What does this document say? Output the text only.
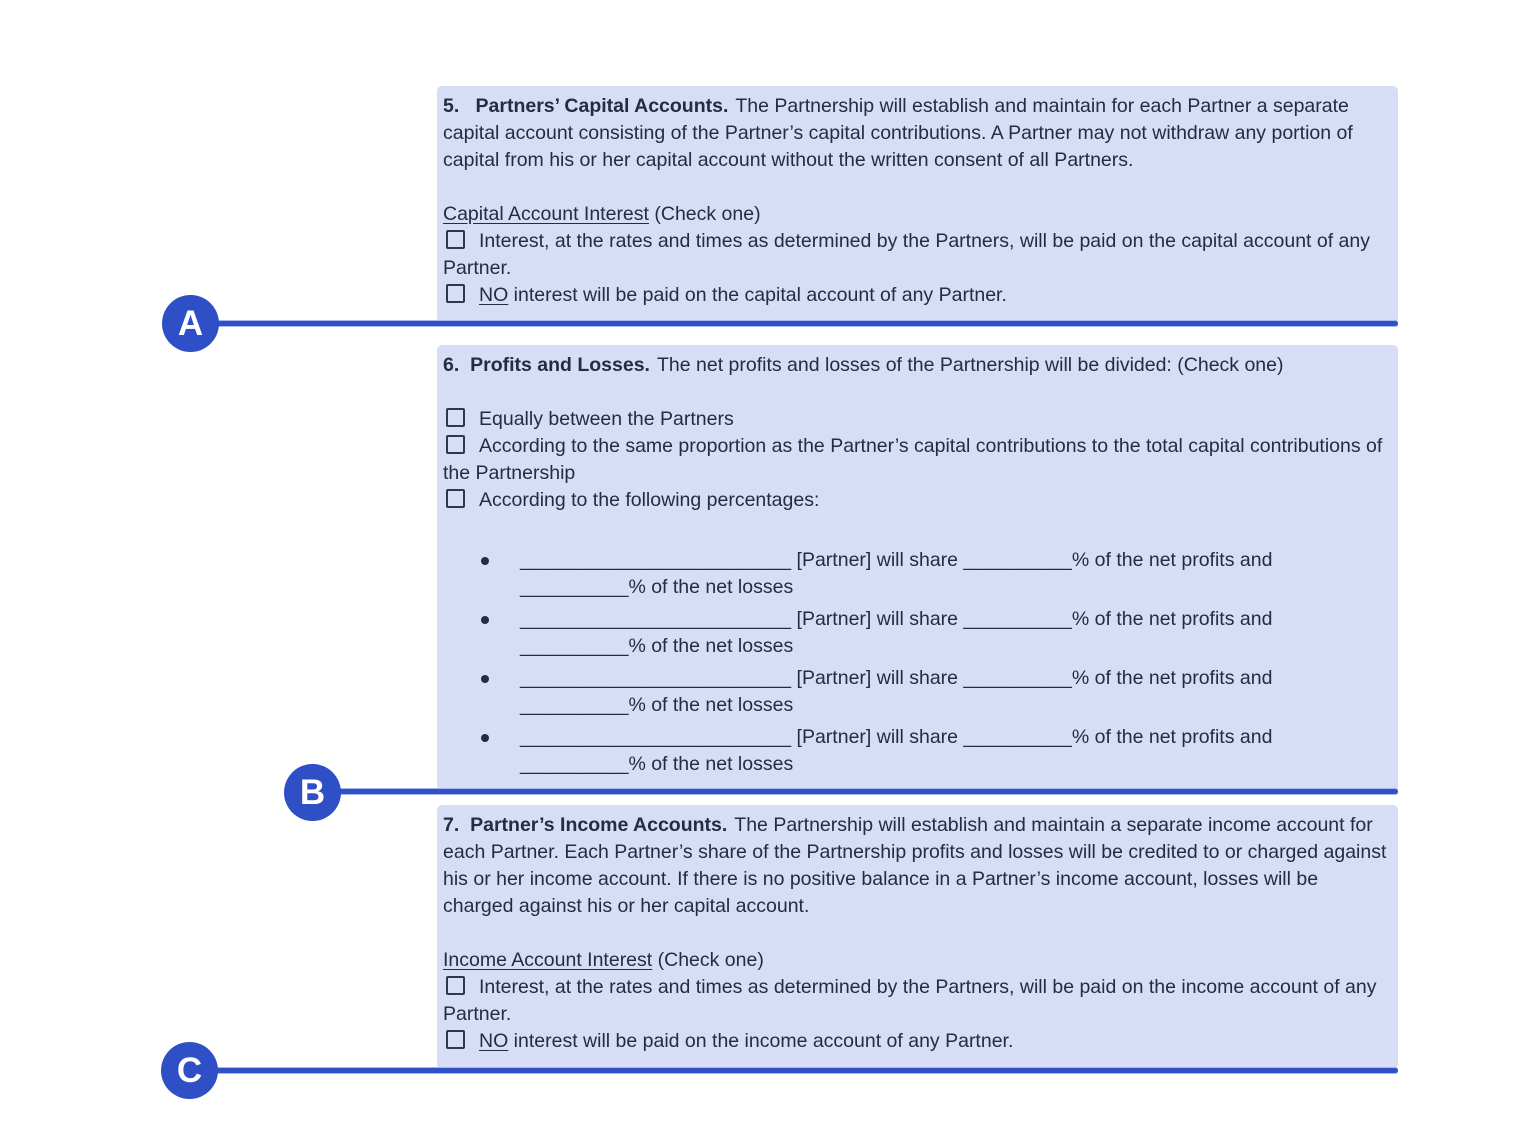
5.   Partners’ Capital Accounts. The Partnership will establish and maintain for each Partner a separate capital account consisting of the Partner’s capital contributions. A Partner may not withdraw any portion of capital from his or her capital account without the written consent of all Partners.

Capital Account Interest (Check one)

Interest, at the rates and times as determined by the Partners, will be paid on the capital account of any Partner.

NO interest will be paid on the capital account of any Partner.

6.  Profits and Losses. The net profits and losses of the Partnership will be divided: (Check one)

Equally between the Partners

According to the same proportion as the Partner’s capital contributions to the total capital contributions of the Partnership

According to the following percentages:

_________________________ [Partner] will share __________% of the net profits and
__________% of the net losses
_________________________ [Partner] will share __________% of the net profits and
__________% of the net losses
_________________________ [Partner] will share __________% of the net profits and
__________% of the net losses
_________________________ [Partner] will share __________% of the net profits and
__________% of the net losses

7.  Partner’s Income Accounts. The Partnership will establish and maintain a separate income account for each Partner. Each Partner’s share of the Partnership profits and losses will be credited to or charged against his or her income account. If there is no positive balance in a Partner’s income account, losses will be charged against his or her capital account.

Income Account Interest (Check one)

Interest, at the rates and times as determined by the Partners, will be paid on the income account of any Partner.

NO interest will be paid on the income account of any Partner.

A
B
C
